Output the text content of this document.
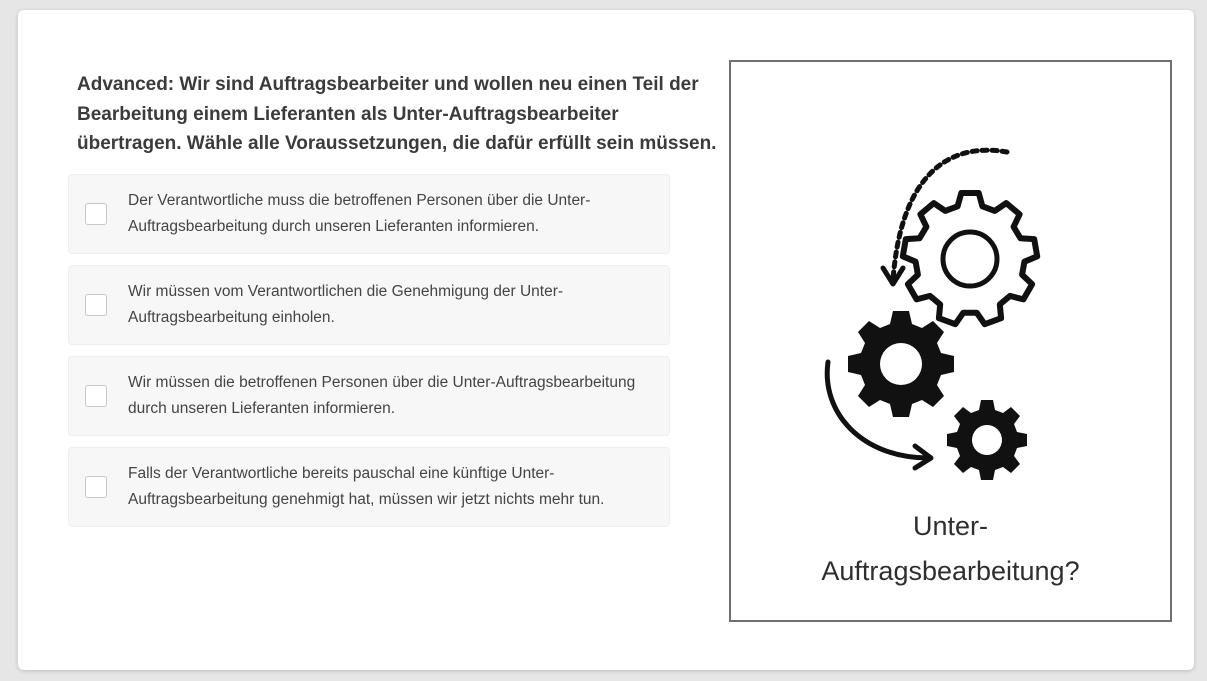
Advanced: Wir sind Auftragsbearbeiter und wollen neu einen Teil der Bearbeitung einem Lieferanten als Unter-Auftragsbearbeiter übertragen. Wähle alle Voraussetzungen, die dafür erfüllt sein müssen.

Der Verantwortliche muss die betroffenen Personen über die Unter-Auftragsbearbeitung durch unseren Lieferanten informieren.
Wir müssen vom Verantwortlichen die Genehmigung der Unter-Auftragsbearbeitung einholen.
Wir müssen die betroffenen Personen über die Unter-Auftragsbearbeitung durch unseren Lieferanten informieren.
Falls der Verantwortliche bereits pauschal eine künftige Unter-Auftragsbearbeitung genehmigt hat, müssen wir jetzt nichts mehr tun.
Unter-
Auftragsbearbeitung?
